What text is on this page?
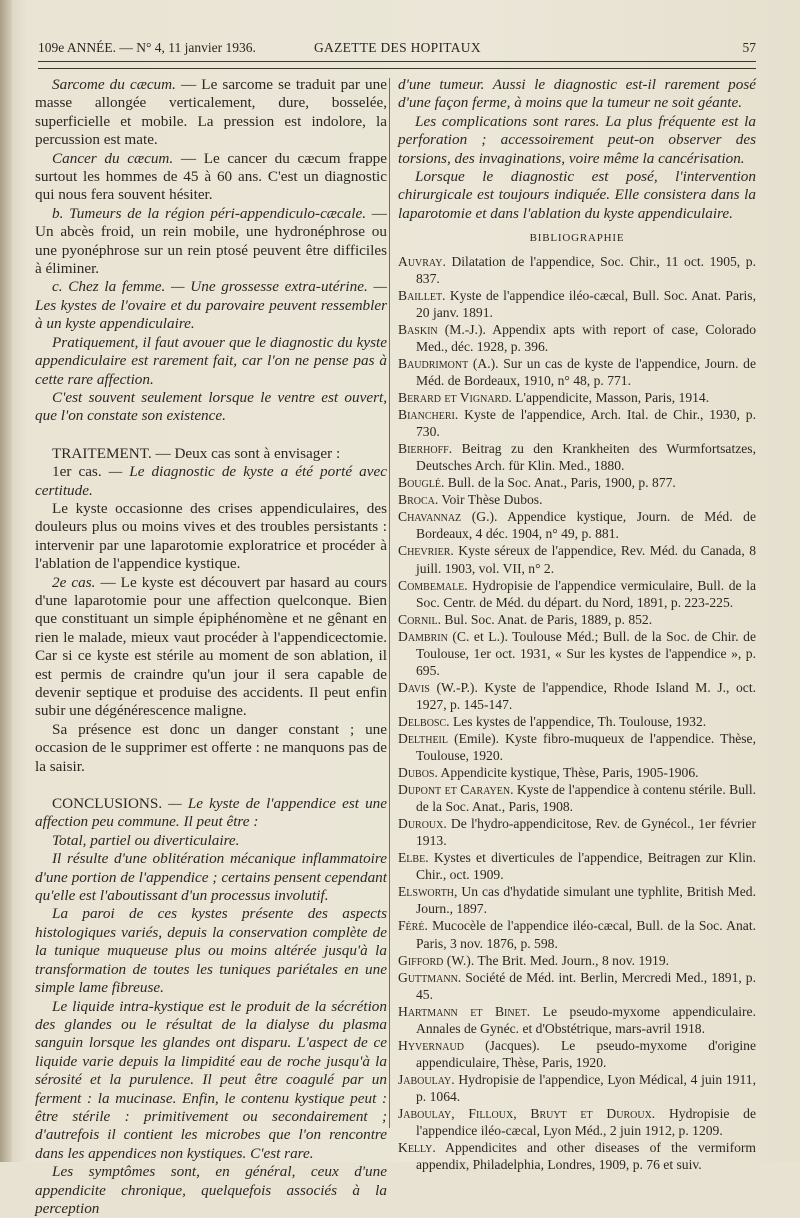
109e ANNÉE. — N° 4, 11 janvier 1936.	GAZETTE DES HOPITAUX	57

Sarcome du cæcum. — Le sarcome se traduit par une masse allongée verticalement, dure, bosselée, superficielle et mobile. La pression est indolore, la percussion est mate.

Cancer du cæcum. — Le cancer du cæcum frappe surtout les hommes de 45 à 60 ans. C'est un diagnostic qui nous fera souvent hésiter.

b. Tumeurs de la région péri-appendiculo-cæcale. — Un abcès froid, un rein mobile, une hydronéphrose ou une pyonéphrose sur un rein ptosé peuvent être difficiles à éliminer.

c. Chez la femme. — Une grossesse extra-utérine. — Les kystes de l'ovaire et du parovaire peuvent ressembler à un kyste appendiculaire.

Pratiquement, il faut avouer que le diagnostic du kyste appendiculaire est rarement fait, car l'on ne pense pas à cette rare affection.

C'est souvent seulement lorsque le ventre est ouvert, que l'on constate son existence.

TRAITEMENT. — Deux cas sont à envisager :

1er cas. — Le diagnostic de kyste a été porté avec certitude.

Le kyste occasionne des crises appendiculaires, des douleurs plus ou moins vives et des troubles persistants : intervenir par une laparotomie exploratrice et procéder à l'ablation de l'appendice kystique.

2e cas. — Le kyste est découvert par hasard au cours d'une laparotomie pour une affection quelconque. Bien que constituant un simple épiphénomène et ne gênant en rien le malade, mieux vaut procéder à l'appendicectomie. Car si ce kyste est stérile au moment de son ablation, il est permis de craindre qu'un jour il sera capable de devenir septique et produise des accidents. Il peut enfin subir une dégénérescence maligne.

Sa présence est donc un danger constant ; une occasion de le supprimer est offerte : ne manquons pas de la saisir.

CONCLUSIONS. — Le kyste de l'appendice est une affection peu commune. Il peut être :

Total, partiel ou diverticulaire.

Il résulte d'une oblitération mécanique inflammatoire d'une portion de l'appendice ; certains pensent cependant qu'elle est l'aboutissant d'un processus involutif.

La paroi de ces kystes présente des aspects histologiques variés, depuis la conservation complète de la tunique muqueuse plus ou moins altérée jusqu'à la transformation de toutes les tuniques pariétales en une simple lame fibreuse.

Le liquide intra-kystique est le produit de la sécrétion des glandes ou le résultat de la dialyse du plasma sanguin lorsque les glandes ont disparu. L'aspect de ce liquide varie depuis la limpidité eau de roche jusqu'à la sérosité et la purulence. Il peut être coagulé par un ferment : la mucinase. Enfin, le contenu kystique peut : être stérile : primitivement ou secondairement ; d'autrefois il contient les microbes que l'on rencontre dans les appendices non kystiques. C'est rare.

Les symptômes sont, en général, ceux d'une appendicite chronique, quelquefois associés à la perception

d'une tumeur. Aussi le diagnostic est-il rarement posé d'une façon ferme, à moins que la tumeur ne soit géante.

Les complications sont rares. La plus fréquente est la perforation ; accessoirement peut-on observer des torsions, des invaginations, voire même la cancérisation.

Lorsque le diagnostic est posé, l'intervention chirurgicale est toujours indiquée. Elle consistera dans la laparotomie et dans l'ablation du kyste appendiculaire.

BIBLIOGRAPHIE

Auvray. Dilatation de l'appendice, Soc. Chir., 11 oct. 1905, p. 837.

Baillet. Kyste de l'appendice iléo-cæcal, Bull. Soc. Anat. Paris, 20 janv. 1891.

Baskin (M.-J.). Appendix apts with report of case, Colorado Med., déc. 1928, p. 396.

Baudrimont (A.). Sur un cas de kyste de l'appendice, Journ. de Méd. de Bordeaux, 1910, n° 48, p. 771.

Berard et Vignard. L'appendicite, Masson, Paris, 1914.

Biancheri. Kyste de l'appendice, Arch. Ital. de Chir., 1930, p. 730.

Bierhoff. Beitrag zu den Krankheiten des Wurmfortsatzes, Deutsches Arch. für Klin. Med., 1880.

Bouglé. Bull. de la Soc. Anat., Paris, 1900, p. 877.

Broca. Voir Thèse Dubos.

Chavannaz (G.). Appendice kystique, Journ. de Méd. de Bordeaux, 4 déc. 1904, n° 49, p. 881.

Chevrier. Kyste séreux de l'appendice, Rev. Méd. du Canada, 8 juill. 1903, vol. VII, n° 2.

Combemale. Hydropisie de l'appendice vermiculaire, Bull. de la Soc. Centr. de Méd. du départ. du Nord, 1891, p. 223-225.

Cornil. Bul. Soc. Anat. de Paris, 1889, p. 852.

Dambrin (C. et L.). Toulouse Méd.; Bull. de la Soc. de Chir. de Toulouse, 1er oct. 1931, « Sur les kystes de l'appendice », p. 695.

Davis (W.-P.). Kyste de l'appendice, Rhode Island M. J., oct. 1927, p. 145-147.

Delbosc. Les kystes de l'appendice, Th. Toulouse, 1932.

Deltheil (Emile). Kyste fibro-muqueux de l'appendice. Thèse, Toulouse, 1920.

Dubos. Appendicite kystique, Thèse, Paris, 1905-1906.

Dupont et Carayen. Kyste de l'appendice à contenu stérile. Bull. de la Soc. Anat., Paris, 1908.

Duroux. De l'hydro-appendicitose, Rev. de Gynécol., 1er février 1913.

Elbe. Kystes et diverticules de l'appendice, Beitragen zur Klin. Chir., oct. 1909.

Elsworth, Un cas d'hydatide simulant une typhlite, British Med. Journ., 1897.

Féré. Mucocèle de l'appendice iléo-cæcal, Bull. de la Soc. Anat. Paris, 3 nov. 1876, p. 598.

Gifford (W.). The Brit. Med. Journ., 8 nov. 1919.

Guttmann. Société de Méd. int. Berlin, Mercredi Med., 1891, p. 45.

Hartmann et Binet. Le pseudo-myxome appendiculaire. Annales de Gynéc. et d'Obstétrique, mars-avril 1918.

Hyvernaud (Jacques). Le pseudo-myxome d'origine appendiculaire, Thèse, Paris, 1920.

Jaboulay. Hydropisie de l'appendice, Lyon Médical, 4 juin 1911, p. 1064.

Jaboulay, Filloux, Bruyt et Duroux. Hydropisie de l'appendice iléo-cæcal, Lyon Méd., 2 juin 1912, p. 1209.

Kelly. Appendicites and other diseases of the vermiform appendix, Philadelphia, Londres, 1909, p. 76 et suiv.
